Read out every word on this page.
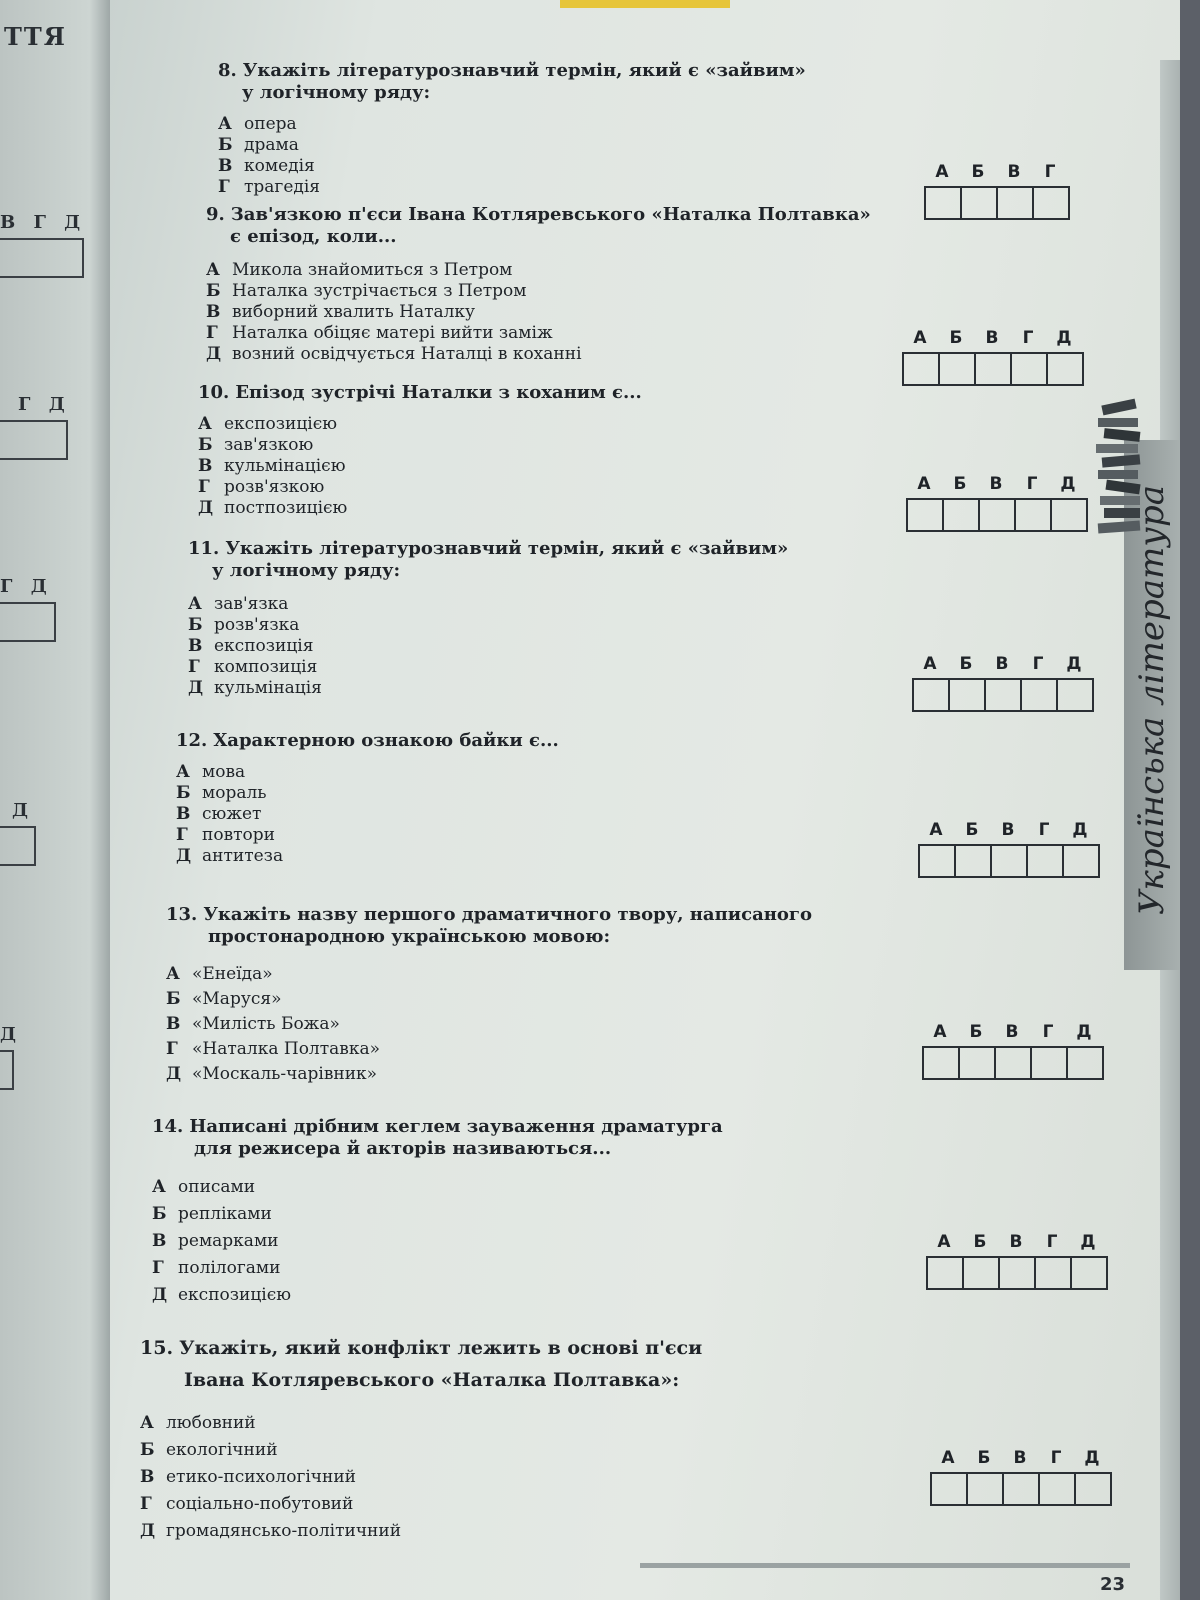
ТТЯ
В Г Д
Г Д
Г Д
Д
Д
8. Укажіть літературознавчий термін, який є «зайвим»
у логічному ряду:
А опера
Б драма
В комедія
Г трагедія
А	Б	В	Г
9. Зав'язкою п'єси Івана Котляревського «Наталка Полтавка»
є епізод, коли...
А Микола знайомиться з Петром
Б Наталка зустрічається з Петром
В виборний хвалить Наталку
Г Наталка обіцяє матері вийти заміж
Д возний освідчується Наталці в коханні
А	Б	В	Г	Д
10. Епізод зустрічі Наталки з коханим є...
А експозицією
Б зав'язкою
В кульмінацією
Г розв'язкою
Д постпозицією
А	Б	В	Г	Д
11. Укажіть літературознавчий термін, який є «зайвим»
у логічному ряду:
А зав'язка
Б розв'язка
В експозиція
Г композиція
Д кульмінація
А	Б	В	Г	Д
12. Характерною ознакою байки є...
А мова
Б мораль
В сюжет
Г повтори
Д антитеза
А	Б	В	Г	Д
13. Укажіть назву першого драматичного твору, написаного
простонародною українською мовою:
А «Енеїда»
Б «Маруся»
В «Милість Божа»
Г «Наталка Полтавка»
Д «Москаль-чарівник»
А	Б	В	Г	Д
14. Написані дрібним кеглем зауваження драматурга
для режисера й акторів називаються...
А описами
Б репліками
В ремарками
Г полілогами
Д експозицією
А	Б	В	Г	Д
15. Укажіть, який конфлікт лежить в основі п'єси
Івана Котляревського «Наталка Полтавка»:
А любовний
Б екологічний
В етико-психологічний
Г соціально-побутовий
Д громадянсько-політичний
А	Б	В	Г	Д
Українська література
23
